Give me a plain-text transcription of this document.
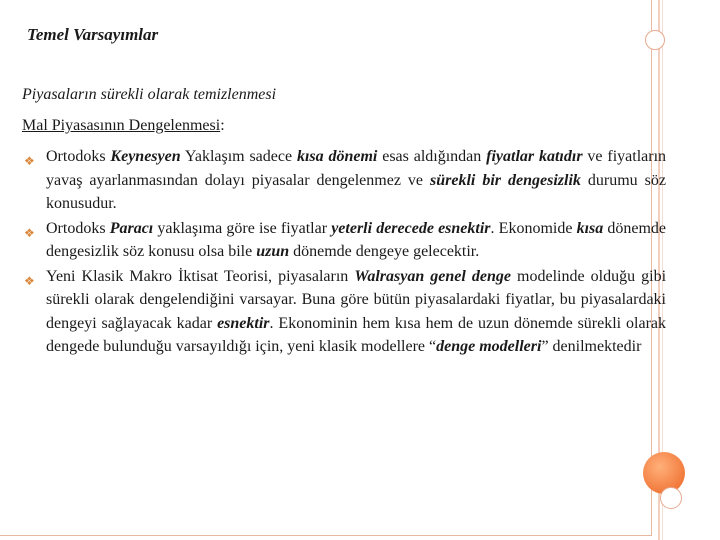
Temel Varsayımlar
Piyasaların sürekli olarak temizlenmesi
Mal Piyasasının Dengelenmesi:
❖ Ortodoks Keynesyen Yaklaşım sadece kısa dönemi esas aldığından fiyatlar katıdır ve fiyatların yavaş ayarlanmasından dolayı piyasalar dengelenmez ve sürekli bir dengesizlik durumu söz konusudur.
❖ Ortodoks Paracı yaklaşıma göre ise fiyatlar yeterli derecede esnektir. Ekonomide kısa dönemde dengesizlik söz konusu olsa bile uzun dönemde dengeye gelecektir.
❖ Yeni Klasik Makro İktisat Teorisi, piyasaların Walrasyan genel denge modelinde olduğu gibi sürekli olarak dengelendiğini varsayar. Buna göre bütün piyasalardaki fiyatlar, bu piyasalardaki dengeyi sağlayacak kadar esnektir. Ekonominin hem kısa hem de uzun dönemde sürekli olarak dengede bulunduğu varsayıldığı için, yeni klasik modellere “denge modelleri” denilmektedir
